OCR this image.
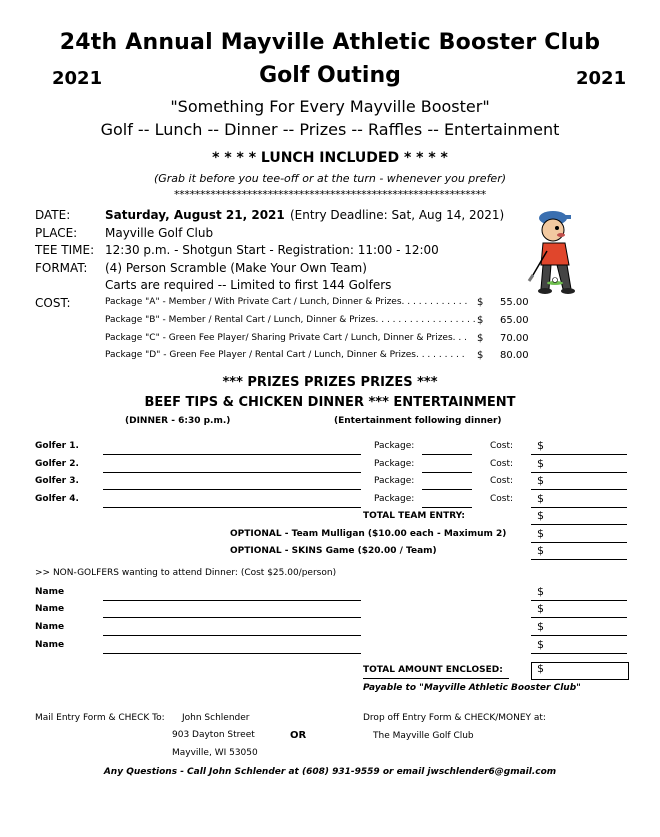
24th Annual Mayville Athletic Booster Club
2021	Golf Outing	2021
"Something For Every Mayville Booster"
Golf -- Lunch -- Dinner -- Prizes -- Raffles -- Entertainment
* * * * LUNCH INCLUDED * * * *
(Grab it before you tee-off or at the turn - whenever you prefer)
************************************************************
DATE:	Saturday, August 21, 2021 (Entry Deadline: Sat, Aug 14, 2021)
PLACE: Mayville Golf Club
TEE TIME: 12:30 p.m. - Shotgun Start - Registration: 11:00 - 12:00
FORMAT: (4) Person Scramble (Make Your Own Team)
Carts are required -- Limited to first 144 Golfers
COST:	Package "A" - Member / With Private Cart / Lunch, Dinner & Prizes. . . . . . . . . . . . $ 55.00
Package "B" - Member / Rental Cart / Lunch, Dinner & Prizes. . . . . . . . . . . . . . . . . . $ 65.00
Package "C" - Green Fee Player/ Sharing Private Cart / Lunch, Dinner & Prizes. . . $ 70.00
Package "D" - Green Fee Player / Rental Cart / Lunch, Dinner & Prizes. . . . . . . . . $ 80.00
*** PRIZES PRIZES PRIZES ***
BEEF TIPS & CHICKEN DINNER *** ENTERTAINMENT
(DINNER - 6:30 p.m.)	(Entertainment following dinner)
Golfer 1.	Package:	Cost: $
Golfer 2.	Package:	Cost: $
Golfer 3.	Package:	Cost: $
Golfer 4.	Package:	Cost: $
TOTAL TEAM ENTRY:	$
OPTIONAL - Team Mulligan ($10.00 each - Maximum 2)	$
OPTIONAL - SKINS Game ($20.00 / Team)	$
>> NON-GOLFERS wanting to attend Dinner: (Cost $25.00/person)
Name	$
Name	$
Name	$
Name	$
TOTAL AMOUNT ENCLOSED:	$
Payable to "Mayville Athletic Booster Club"
Mail Entry Form & CHECK To: John Schlender
903 Dayton Street	OR
Mayville, WI 53050
Drop off Entry Form & CHECK/MONEY at:
The Mayville Golf Club
Any Questions - Call John Schlender at (608) 931-9559 or email jwschlender6@gmail.com
